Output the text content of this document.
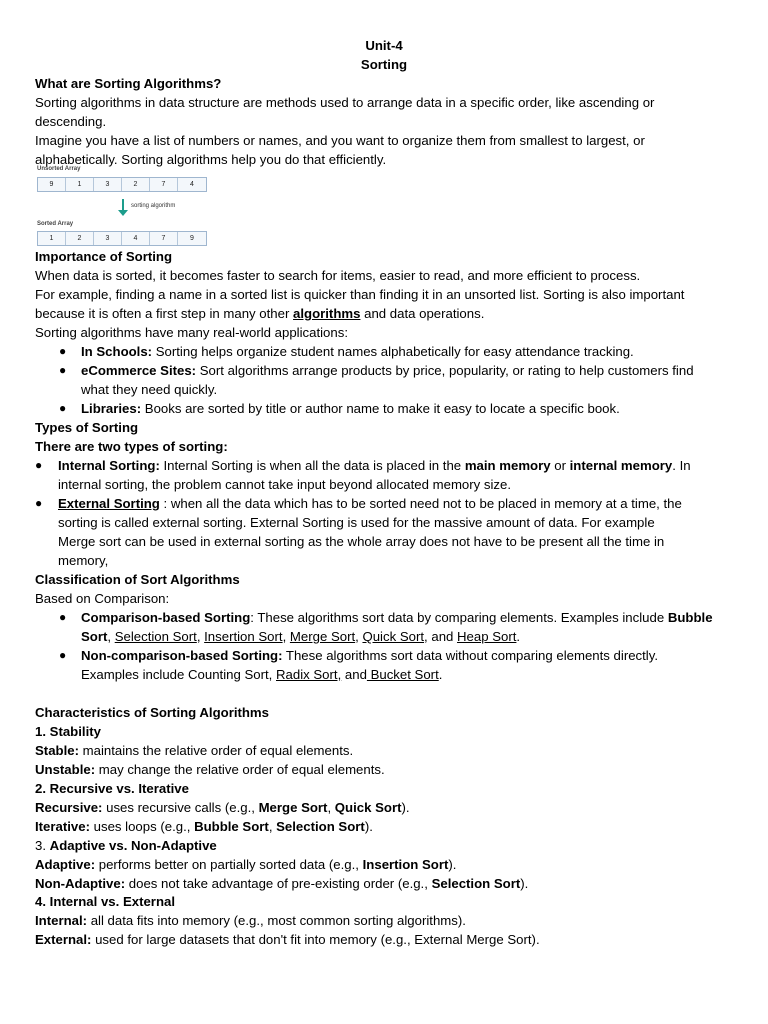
Unit-4
Sorting
What are Sorting Algorithms?
Sorting algorithms in data structure are methods used to arrange data in a specific order, like ascending or
descending.
Imagine you have a list of numbers or names, and you want to organize them from smallest to largest, or
alphabetically. Sorting algorithms help you do that efficiently.
Unsorted Array
9	1	3	2	7	4
sorting algorithm
Sorted Array
1	2	3	4	7	9
Importance of Sorting
When data is sorted, it becomes faster to search for items, easier to read, and more efficient to process.
For example, finding a name in a sorted list is quicker than finding it in an unsorted list. Sorting is also important
because it is often a first step in many other algorithms and data operations.
Sorting algorithms have many real-world applications:
● In Schools: Sorting helps organize student names alphabetically for easy attendance tracking.
● eCommerce Sites: Sort algorithms arrange products by price, popularity, or rating to help customers find
what they need quickly.
● Libraries: Books are sorted by title or author name to make it easy to locate a specific book.
Types of Sorting
There are two types of sorting:
● Internal Sorting: Internal Sorting is when all the data is placed in the main memory or internal memory. In
internal sorting, the problem cannot take input beyond allocated memory size.
● External Sorting : when all the data which has to be sorted need not to be placed in memory at a time, the
sorting is called external sorting. External Sorting is used for the massive amount of data. For example
Merge sort can be used in external sorting as the whole array does not have to be present all the time in
memory,
Classification of Sort Algorithms
Based on Comparison:
● Comparison-based Sorting: These algorithms sort data by comparing elements. Examples include Bubble
Sort, Selection Sort, Insertion Sort, Merge Sort, Quick Sort, and Heap Sort.
● Non-comparison-based Sorting: These algorithms sort data without comparing elements directly.
Examples include Counting Sort, Radix Sort, and Bucket Sort.
Characteristics of Sorting Algorithms
1. Stability
Stable: maintains the relative order of equal elements.
Unstable: may change the relative order of equal elements.
2. Recursive vs. Iterative
Recursive: uses recursive calls (e.g., Merge Sort, Quick Sort).
Iterative: uses loops (e.g., Bubble Sort, Selection Sort).
3. Adaptive vs. Non-Adaptive
Adaptive: performs better on partially sorted data (e.g., Insertion Sort).
Non-Adaptive: does not take advantage of pre-existing order (e.g., Selection Sort).
4. Internal vs. External
Internal: all data fits into memory (e.g., most common sorting algorithms).
External: used for large datasets that don't fit into memory (e.g., External Merge Sort).
